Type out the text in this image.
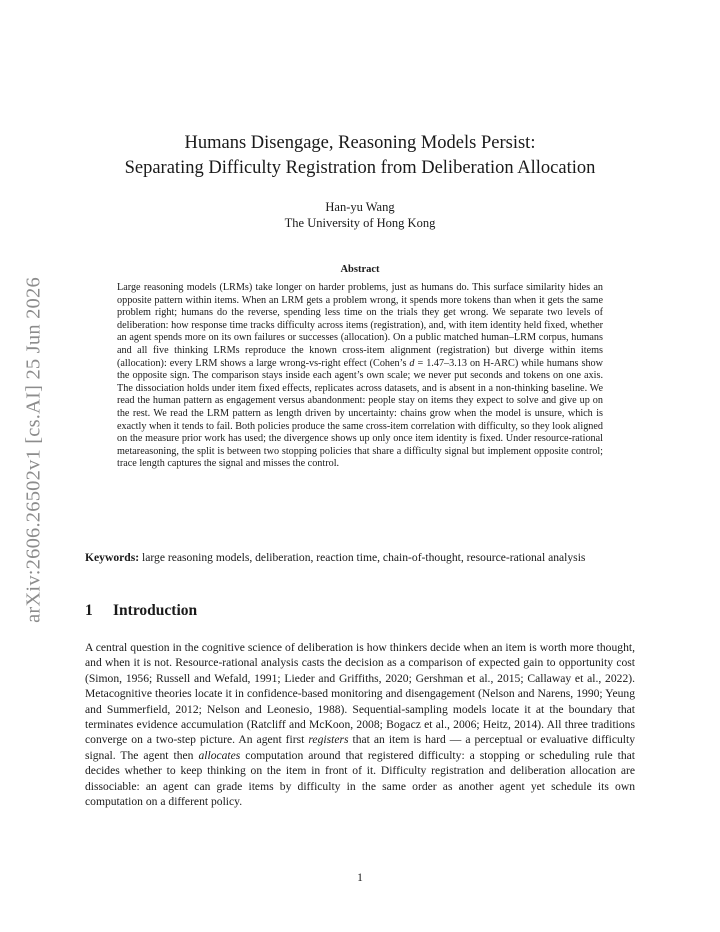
arXiv:2606.26502v1 [cs.AI] 25 Jun 2026
Humans Disengage, Reasoning Models Persist:
Separating Difficulty Registration from Deliberation Allocation
Han-yu Wang
The University of Hong Kong
Abstract

Large reasoning models (LRMs) take longer on harder problems, just as humans do. This surface similarity hides an opposite pattern within items. When an LRM gets a problem wrong, it spends more tokens than when it gets the same problem right; humans do the reverse, spending less time on the trials they get wrong. We separate two levels of deliberation: how response time tracks difficulty across items (registration), and, with item identity held fixed, whether an agent spends more on its own failures or successes (allocation). On a public matched human–LRM corpus, humans and all five thinking LRMs reproduce the known cross-item alignment (registration) but diverge within items (allocation): every LRM shows a large wrong-vs-right effect (Cohen’s d = 1.47–3.13 on H-ARC) while humans show the opposite sign. The comparison stays inside each agent’s own scale; we never put seconds and tokens on one axis. The dissociation holds under item fixed effects, replicates across datasets, and is absent in a non-thinking baseline. We read the human pattern as engagement versus abandonment: people stay on items they expect to solve and give up on the rest. We read the LRM pattern as length driven by uncertainty: chains grow when the model is unsure, which is exactly when it tends to fail. Both policies produce the same cross-item correlation with difficulty, so they look aligned on the measure prior work has used; the divergence shows up only once item identity is fixed. Under resource-rational metareasoning, the split is between two stopping policies that share a difficulty signal but implement opposite control; trace length captures the signal and misses the control.

Keywords: large reasoning models, deliberation, reaction time, chain-of-thought, resource-rational analysis

1 Introduction

A central question in the cognitive science of deliberation is how thinkers decide when an item is worth more thought, and when it is not. Resource-rational analysis casts the decision as a comparison of expected gain to opportunity cost (Simon, 1956; Russell and Wefald, 1991; Lieder and Griffiths, 2020; Gershman et al., 2015; Callaway et al., 2022). Metacognitive theories locate it in confidence-based monitoring and disengagement (Nelson and Narens, 1990; Yeung and Summerfield, 2012; Nelson and Leonesio, 1988). Sequential-sampling models locate it at the boundary that terminates evidence accumulation (Ratcliff and McKoon, 2008; Bogacz et al., 2006; Heitz, 2014). All three traditions converge on a two-step picture. An agent first registers that an item is hard — a perceptual or evaluative difficulty signal. The agent then allocates computation around that registered difficulty: a stopping or scheduling rule that decides whether to keep thinking on the item in front of it. Difficulty registration and deliberation allocation are dissociable: an agent can grade items by difficulty in the same order as another agent yet schedule its own computation on a different policy.

1
